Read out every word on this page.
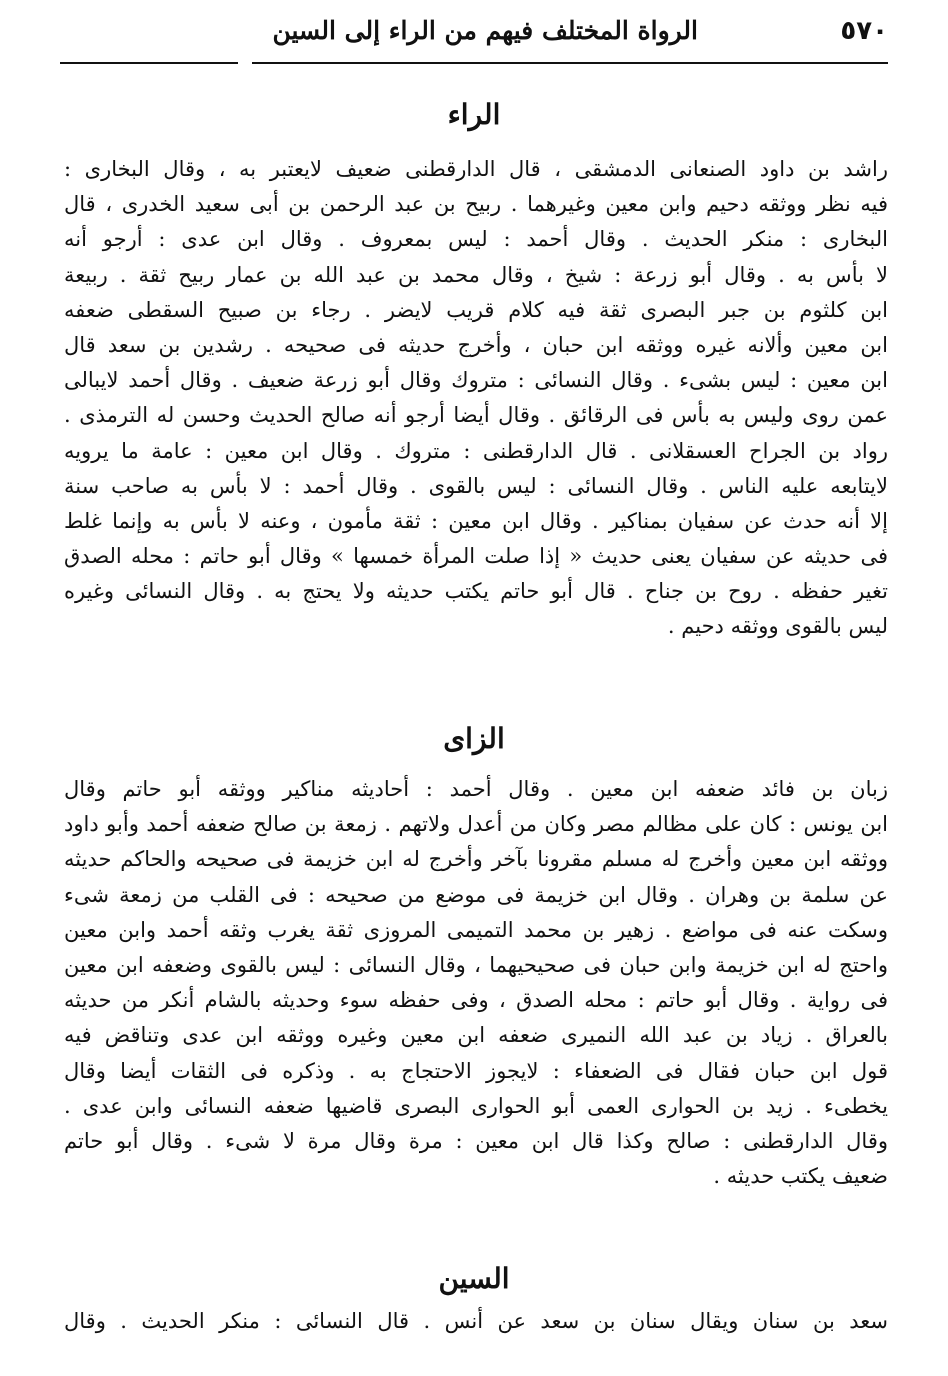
٥٧٠
الرواة المختلف فيهم من الراء إلى السين
الراء
راشد بن داود الصنعانى الدمشقى ، قال الدارقطنى ضعيف لايعتبر به ، وقال البخارى :
فيه نظر ووثقه دحيم وابن معين وغيرهما . ربيح بن عبد الرحمن بن أبى سعيد الخدرى ، قال
البخارى : منكر الحديث . وقال أحمد : ليس بمعروف . وقال ابن عدى : أرجو أنه
لا بأس به . وقال أبو زرعة : شيخ ، وقال محمد بن عبد الله بن عمار ربيح ثقة . ربيعة
ابن كلثوم بن جبر البصرى ثقة فيه كلام قريب لايضر . رجاء بن صبيح السقطى ضعفه
ابن معين وألانه غيره ووثقه ابن حبان ، وأخرج حديثه فى صحيحه . رشدين بن سعد قال
ابن معين : ليس بشىء . وقال النسائى : متروك وقال أبو زرعة ضعيف . وقال أحمد لايبالى
عمن روى وليس به بأس فى الرقائق . وقال أيضا أرجو أنه صالح الحديث وحسن له الترمذى .
رواد بن الجراح العسقلانى . قال الدارقطنى : متروك . وقال ابن معين : عامة ما يرويه
لايتابعه عليه الناس . وقال النسائى : ليس بالقوى . وقال أحمد : لا بأس به صاحب سنة
إلا أنه حدث عن سفيان بمناكير . وقال ابن معين : ثقة مأمون ، وعنه لا بأس به وإنما غلط
فى حديثه عن سفيان يعنى حديث « إذا صلت المرأة خمسها » وقال أبو حاتم : محله الصدق
تغير حفظه . روح بن جناح . قال أبو حاتم يكتب حديثه ولا يحتج به . وقال النسائى وغيره
ليس بالقوى ووثقه دحيم .
الزاى
زبان بن فائد ضعفه ابن معين . وقال أحمد : أحاديثه مناكير ووثقه أبو حاتم وقال
ابن يونس : كان على مظالم مصر وكان من أعدل ولاتهم . زمعة بن صالح ضعفه أحمد وأبو داود
ووثقه ابن معين وأخرج له مسلم مقرونا بآخر وأخرج له ابن خزيمة فى صحيحه والحاكم حديثه
عن سلمة بن وهران . وقال ابن خزيمة فى موضع من صحيحه : فى القلب من زمعة شىء
وسكت عنه فى مواضع . زهير بن محمد التميمى المروزى ثقة يغرب وثقه أحمد وابن معين
واحتج له ابن خزيمة وابن حبان فى صحيحيهما ، وقال النسائى : ليس بالقوى وضعفه ابن معين
فى رواية . وقال أبو حاتم : محله الصدق ، وفى حفظه سوء وحديثه بالشام أنكر من حديثه
بالعراق . زياد بن عبد الله النميرى ضعفه ابن معين وغيره ووثقه ابن عدى وتناقض فيه
قول ابن حبان فقال فى الضعفاء : لايجوز الاحتجاج به . وذكره فى الثقات أيضا وقال
يخطىء . زيد بن الحوارى العمى أبو الحوارى البصرى قاضيها ضعفه النسائى وابن عدى .
وقال الدارقطنى : صالح وكذا قال ابن معين : مرة وقال مرة لا شىء . وقال أبو حاتم
ضعيف يكتب حديثه .
السين
سعد بن سنان ويقال سنان بن سعد عن أنس . قال النسائى : منكر الحديث . وقال
